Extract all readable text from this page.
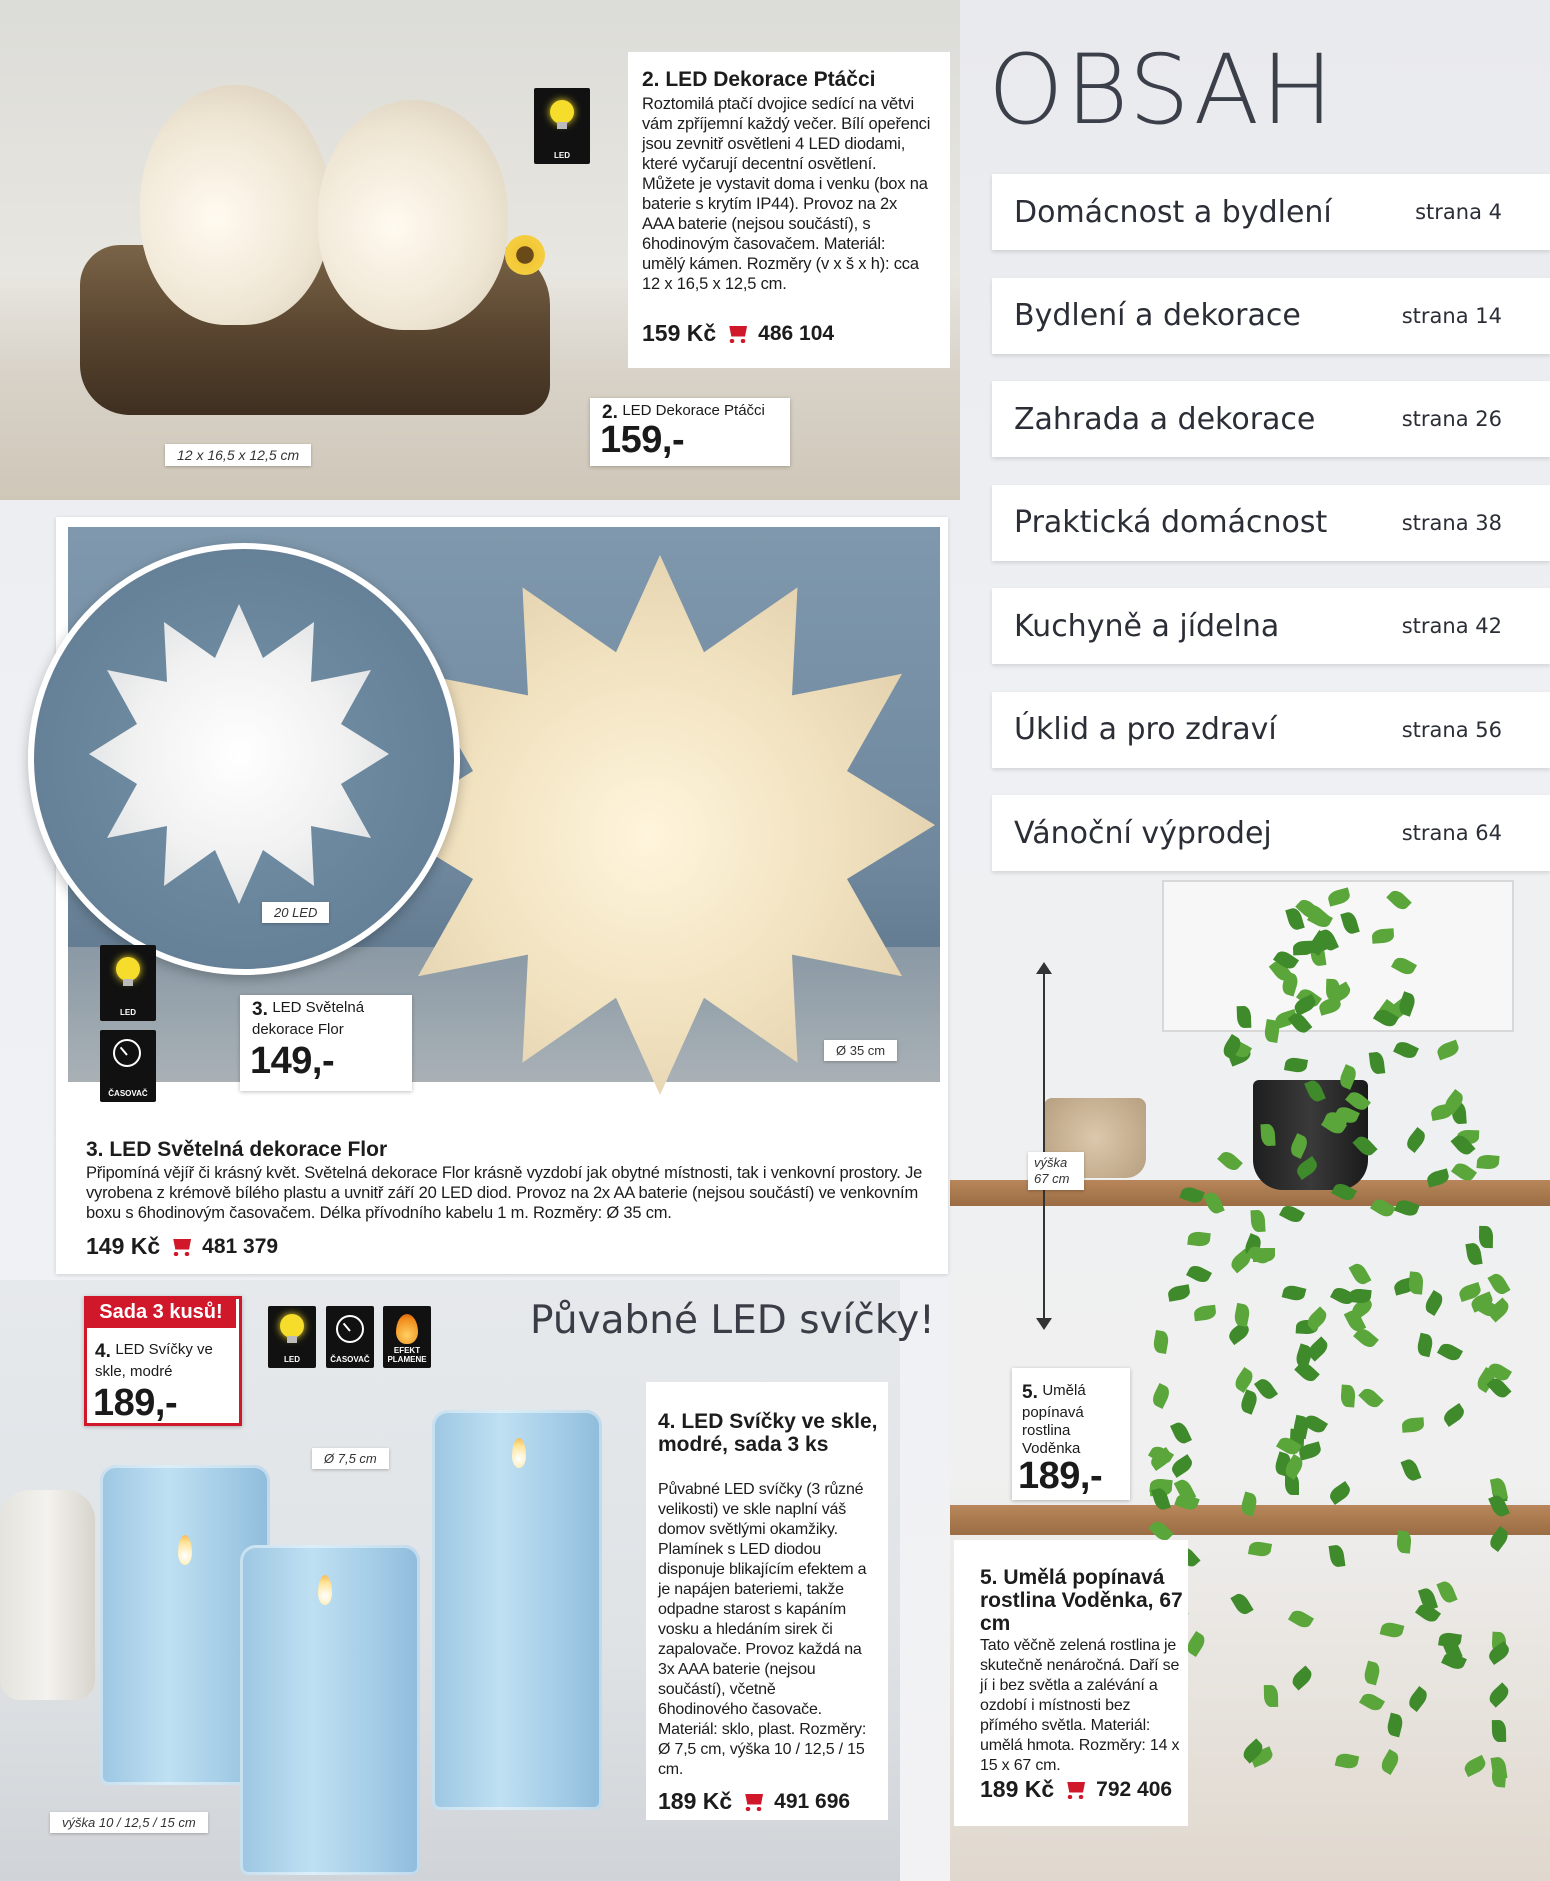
2. LED Dekorace Ptáčci
Roztomilá ptačí dvojice sedící na větvi vám zpříjemní každý večer. Bílí opeřenci jsou zevnitř osvětleni 4 LED diodami, které vyčarují decentní osvětlení. Můžete je vystavit doma i venku (box na baterie s krytím IP44). Provoz na 2x AAA baterie (nejsou součástí), s 6hodinovým časovačem. Materiál: umělý kámen. Rozměry (v x š x h): cca 12 x 16,5 x 12,5 cm.
159 Kč 486 104
LED
2. LED Dekorace Ptáčci
159,-
12 x 16,5 x 12,5 cm
20 LED
Ø 35 cm
LED
ČASOVAČ
3. LED Světelná dekorace Flor
149,-
3. LED Světelná dekorace Flor
Připomíná vějíř či krásný květ. Světelná dekorace Flor krásně vyzdobí jak obytné místnosti, tak i venkovní prostory. Je vyrobena z krémově bílého plastu a uvnitř září 20 LED diod. Provoz na 2x AA baterie (nejsou součástí) ve venkovním boxu s 6hodinovým časovačem. Délka přívodního kabelu 1 m. Rozměry: Ø 35 cm.
149 Kč 481 379
OBSAH
Domácnost a bydlení	strana 4
Bydlení a dekorace	strana 14
Zahrada a dekorace	strana 26
Praktická domácnost	strana 38
Kuchyně a jídelna	strana 42
Úklid a pro zdraví	strana 56
Vánoční výprodej	strana 64
Půvabné LED svíčky!
4. LED Svíčky ve skle, modré
189,-
Sada 3 kusů!
LED	ČASOVAČ
EFEKT PLAMENE
Ø 7,5 cm
výška 10 / 12,5 / 15 cm
4. LED Svíčky ve skle, modré, sada 3 ks
Půvabné LED svíčky (3 různé velikosti) ve skle naplní váš domov světlými okamžiky. Plamínek s LED diodou disponuje blikajícím efektem a je napájen bateriemi, takže odpadne starost s kapáním vosku a hledáním sirek či zapalovače. Provoz každá na 3x AAA baterie (nejsou součástí), včetně 6hodinového časovače. Materiál: sklo, plast. Rozměry: Ø 7,5 cm, výška 10 / 12,5 / 15 cm.
189 Kč 491 696
výška 67 cm
5. Umělá popínavá rostlina Voděnka
189,-
5. Umělá popínavá rostlina Voděnka, 67 cm
Tato věčně zelená rostlina je skutečně nenáročná. Daří se jí i bez světla a zalévání a ozdobí i místnosti bez přímého světla. Materiál: umělá hmota. Rozměry: 14 x 15 x 67 cm.
189 Kč 792 406
